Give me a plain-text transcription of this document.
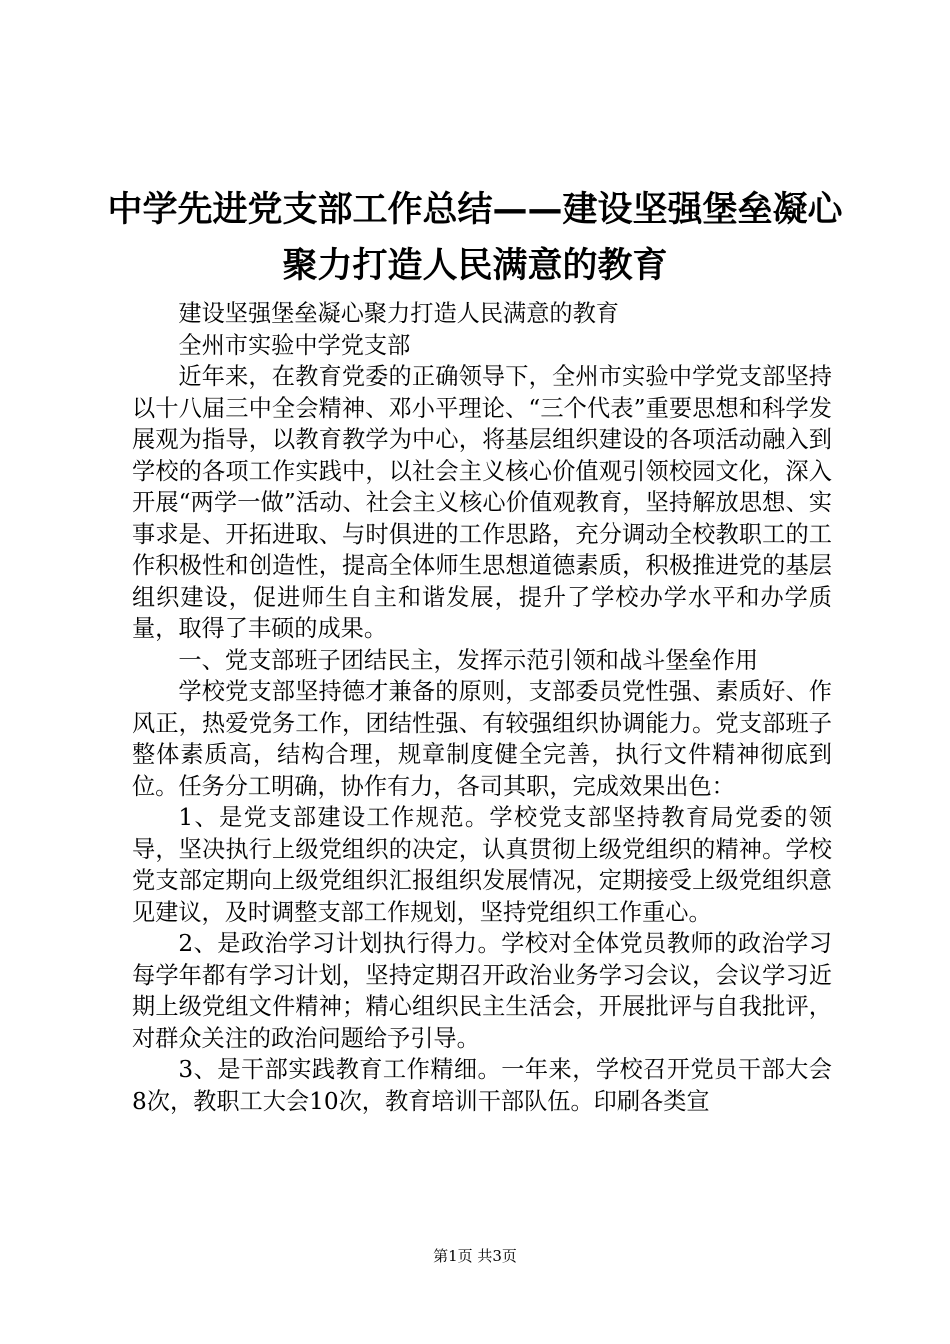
中学先进党支部工作总结——建设坚强堡垒凝心聚力打造人民满意的教育

建设坚强堡垒凝心聚力打造人民满意的教育

全州市实验中学党支部

近年来，在教育党委的正确领导下，全州市实验中学党支部坚持以十八届三中全会精神、邓小平理论、“三个代表”重要思想和科学发展观为指导，以教育教学为中心，将基层组织建设的各项活动融入到学校的各项工作实践中，以社会主义核心价值观引领校园文化，深入开展“两学一做”活动、社会主义核心价值观教育，坚持解放思想、实事求是、开拓进取、与时俱进的工作思路，充分调动全校教职工的工作积极性和创造性，提高全体师生思想道德素质，积极推进党的基层组织建设，促进师生自主和谐发展，提升了学校办学水平和办学质量，取得了丰硕的成果。

一、党支部班子团结民主，发挥示范引领和战斗堡垒作用

学校党支部坚持德才兼备的原则，支部委员党性强、素质好、作风正，热爱党务工作，团结性强、有较强组织协调能力。党支部班子整体素质高，结构合理，规章制度健全完善，执行文件精神彻底到位。任务分工明确，协作有力，各司其职，完成效果出色：

1、是党支部建设工作规范。学校党支部坚持教育局党委的领导，坚决执行上级党组织的决定，认真贯彻上级党组织的精神。学校党支部定期向上级党组织汇报组织发展情况，定期接受上级党组织意见建议，及时调整支部工作规划，坚持党组织工作重心。

2、是政治学习计划执行得力。学校对全体党员教师的政治学习每学年都有学习计划，坚持定期召开政治业务学习会议，会议学习近期上级党组文件精神；精心组织民主生活会，开展批评与自我批评，对群众关注的政治问题给予引导。

3、是干部实践教育工作精细。一年来，学校召开党员干部大会8次，教职工大会10次，教育培训干部队伍。印刷各类宣

第1页 共3页
